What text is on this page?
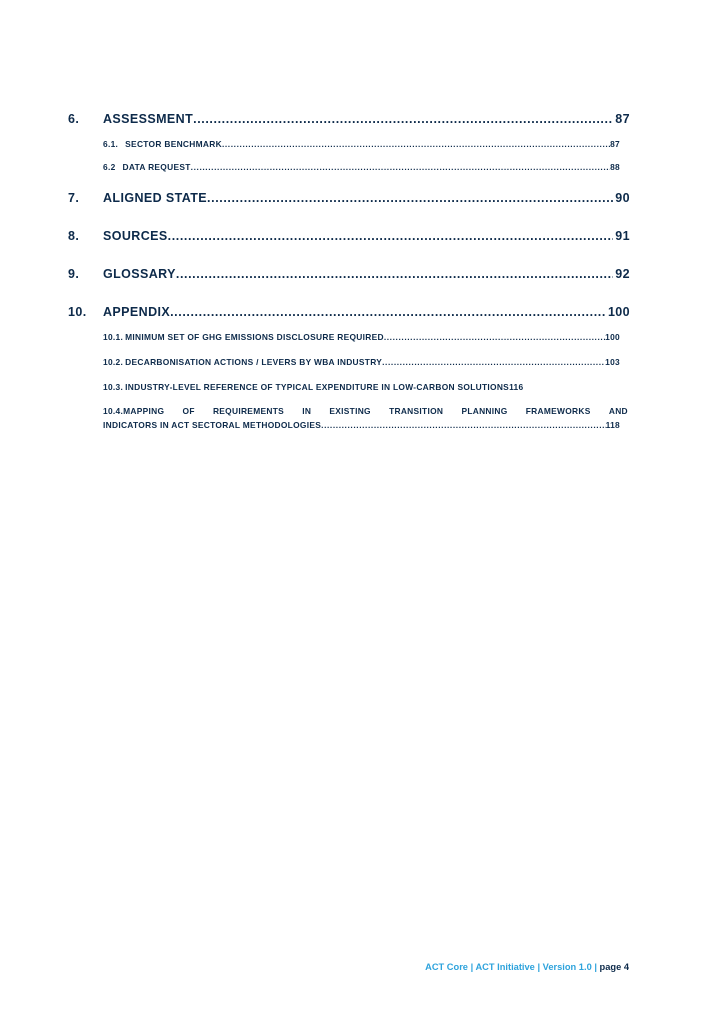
6.	ASSESSMENT .....	87
6.1. SECTOR BENCHMARK .....	87
6.2 DATA REQUEST .....	88
7.	ALIGNED STATE .....	90
8.	SOURCES .....	91
9.	GLOSSARY .....	92
10.	APPENDIX .....	100
10.1. MINIMUM SET OF GHG EMISSIONS DISCLOSURE REQUIRED .....	100
10.2. DECARBONISATION ACTIONS / LEVERS BY WBA INDUSTRY .....	103
10.3. INDUSTRY-LEVEL REFERENCE OF TYPICAL EXPENDITURE IN LOW-CARBON SOLUTIONS 116
10.4.MAPPING OF REQUIREMENTS IN EXISTING TRANSITION PLANNING FRAMEWORKS AND
INDICATORS IN ACT SECTORAL METHODOLOGIES .....	118
ACT Core | ACT Initiative | Version 1.0 | page 4
